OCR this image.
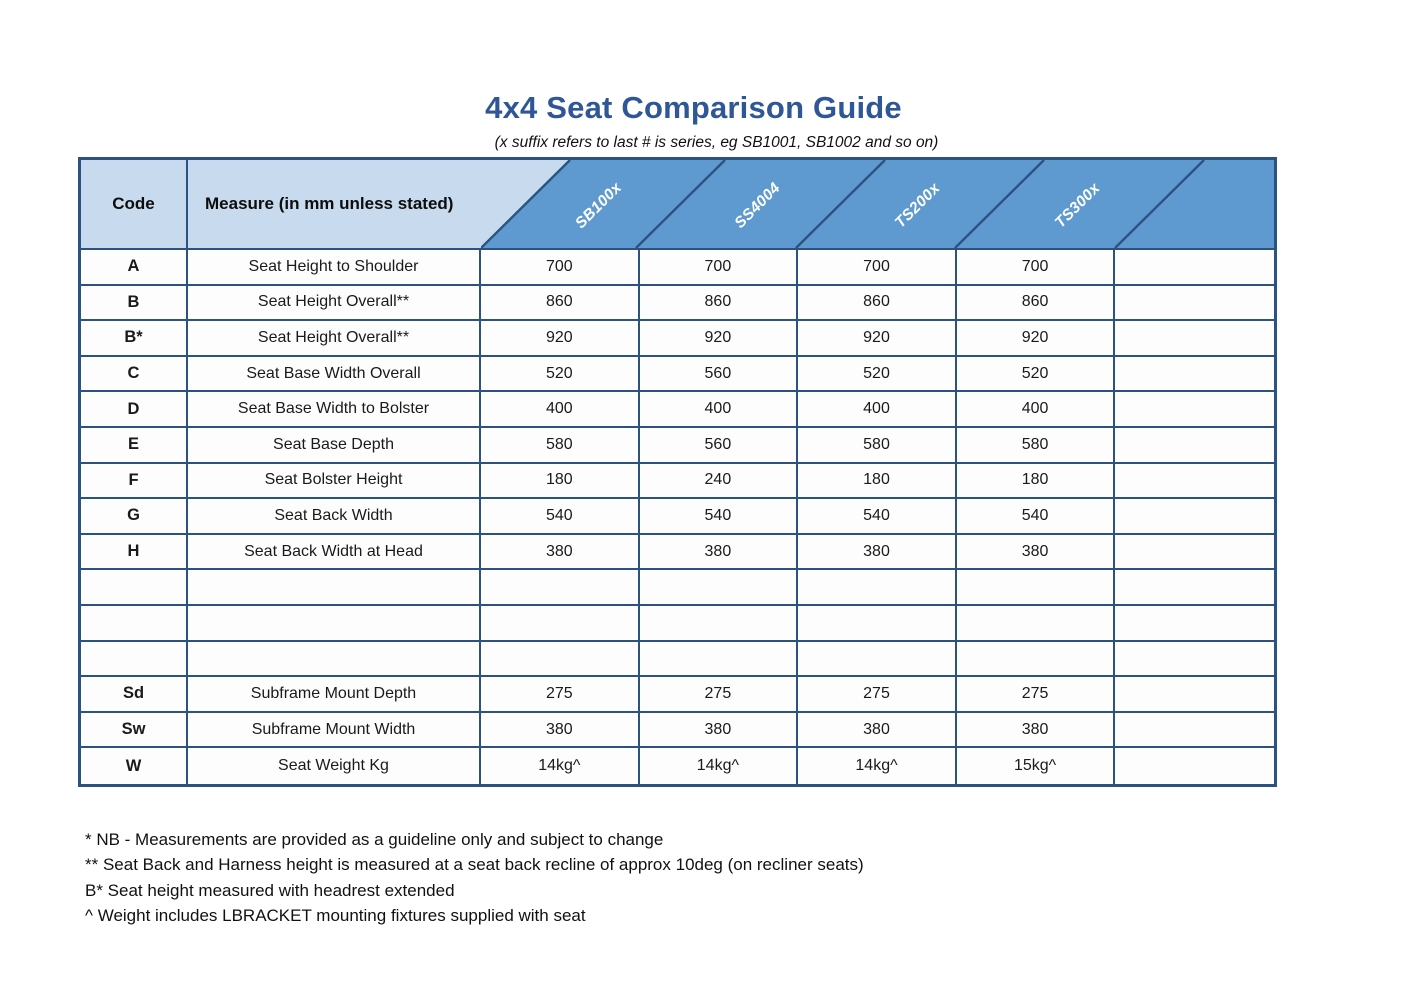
4x4 Seat Comparison Guide
(x suffix refers to last # is series, eg SB1001, SB1002 and so on)
Code	Measure (in mm unless stated)	SB100x	SS4004	TS200x	TS300x
A	Seat Height to Shoulder	700	700	700	700
B	Seat Height Overall**	860	860	860	860
B*	Seat Height Overall**	920	920	920	920
C	Seat Base Width Overall	520	560	520	520
D	Seat Base Width to Bolster	400	400	400	400
E	Seat Base Depth	580	560	580	580
F	Seat Bolster Height	180	240	180	180
G	Seat Back Width	540	540	540	540
H	Seat Back Width at Head	380	380	380	380
Sd	Subframe Mount Depth	275	275	275	275
Sw	Subframe Mount Width	380	380	380	380
W	Seat Weight Kg	14kg^	14kg^	14kg^	15kg^
* NB - Measurements are provided as a guideline only and subject to change
** Seat Back and Harness height is measured at a seat back recline of approx 10deg (on recliner seats)
B* Seat height measured with headrest extended
^ Weight includes LBRACKET mounting fixtures supplied with seat
